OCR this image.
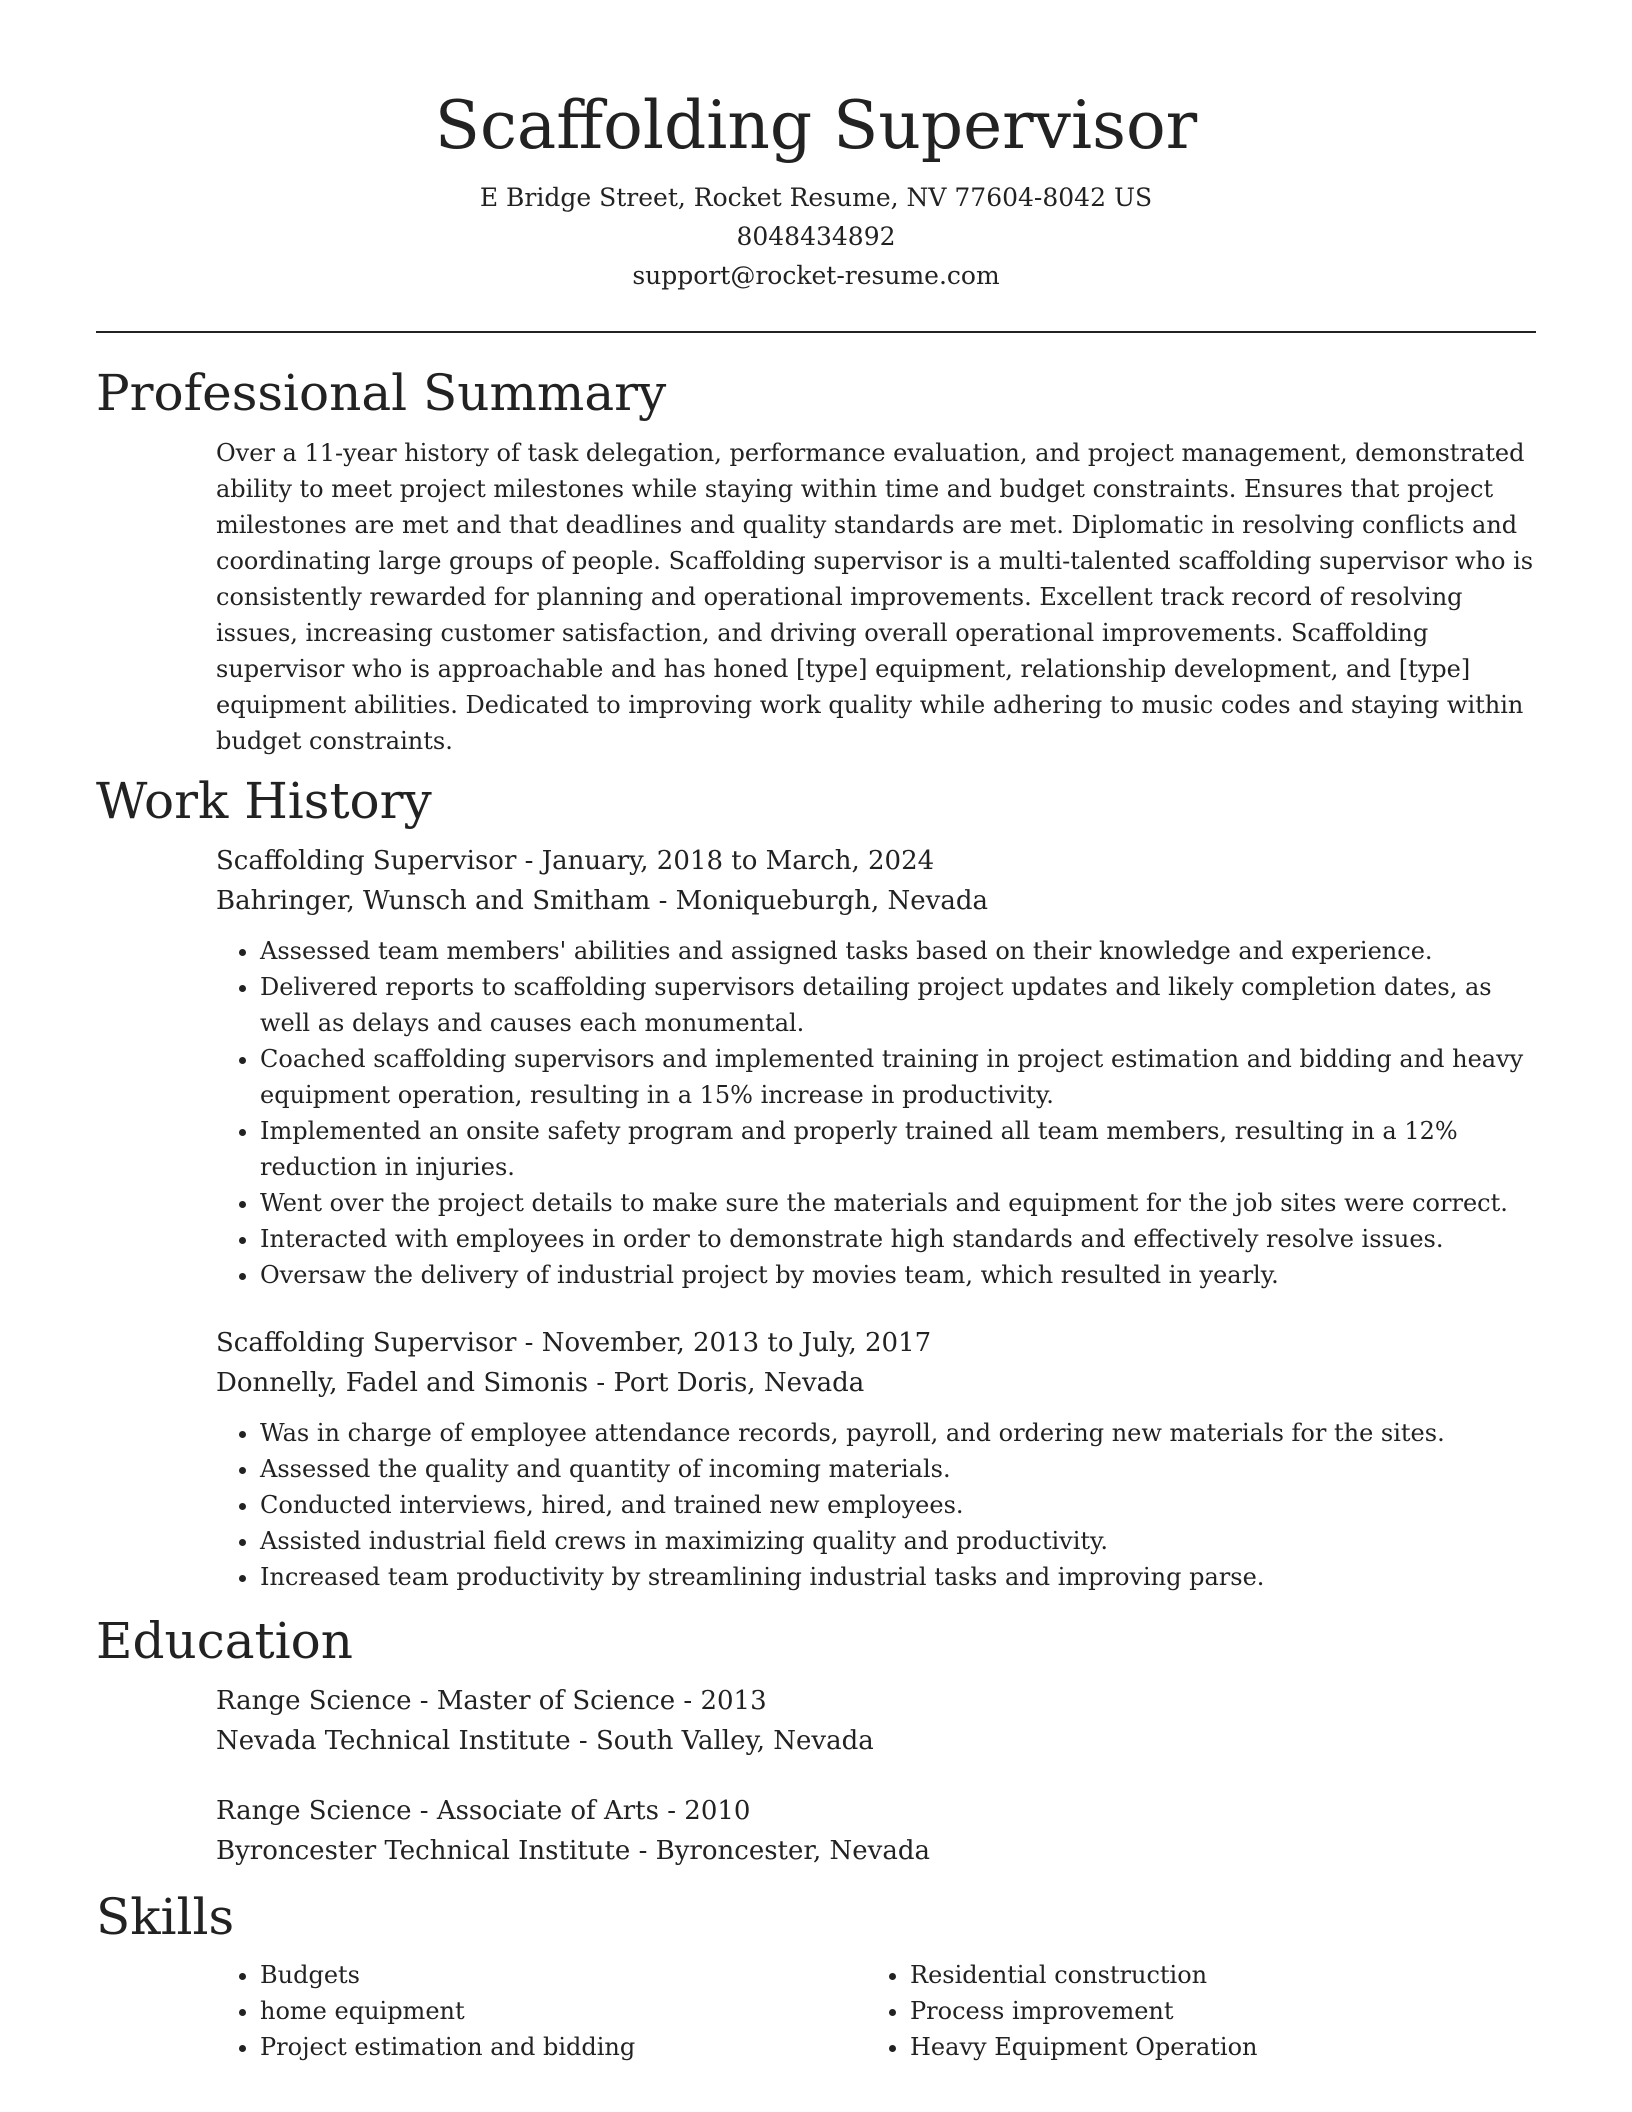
Scaffolding Supervisor
E Bridge Street, Rocket Resume, NV 77604-8042 US
8048434892
support@rocket-resume.com
Professional Summary

Over a 11-year history of task delegation, performance evaluation, and project management, demonstrated ability to meet project milestones while staying within time and budget constraints. Ensures that project milestones are met and that deadlines and quality standards are met. Diplomatic in resolving conflicts and coordinating large groups of people. Scaffolding supervisor is a multi-talented scaffolding supervisor who is consistently rewarded for planning and operational improvements. Excellent track record of resolving issues, increasing customer satisfaction, and driving overall operational improvements. Scaffolding supervisor who is approachable and has honed [type] equipment, relationship development, and [type] equipment abilities. Dedicated to improving work quality while adhering to music codes and staying within budget constraints.

Work History
Scaffolding Supervisor - January, 2018 to March, 2024
Bahringer, Wunsch and Smitham - Moniqueburgh, Nevada
• Assessed team members' abilities and assigned tasks based on their knowledge and experience.
• Delivered reports to scaffolding supervisors detailing project updates and likely completion dates, as well as delays and causes each monumental.
• Coached scaffolding supervisors and implemented training in project estimation and bidding and heavy equipment operation, resulting in a 15% increase in productivity.
• Implemented an onsite safety program and properly trained all team members, resulting in a 12% reduction in injuries.
• Went over the project details to make sure the materials and equipment for the job sites were correct.
• Interacted with employees in order to demonstrate high standards and effectively resolve issues.
• Oversaw the delivery of industrial project by movies team, which resulted in yearly.
Scaffolding Supervisor - November, 2013 to July, 2017
Donnelly, Fadel and Simonis - Port Doris, Nevada
• Was in charge of employee attendance records, payroll, and ordering new materials for the sites.
• Assessed the quality and quantity of incoming materials.
• Conducted interviews, hired, and trained new employees.
• Assisted industrial field crews in maximizing quality and productivity.
• Increased team productivity by streamlining industrial tasks and improving parse.
Education
Range Science - Master of Science - 2013
Nevada Technical Institute - South Valley, Nevada
Range Science - Associate of Arts - 2010
Byroncester Technical Institute - Byroncester, Nevada
Skills
• Budgets
• home equipment
• Project estimation and bidding
• Residential construction
• Process improvement
• Heavy Equipment Operation
